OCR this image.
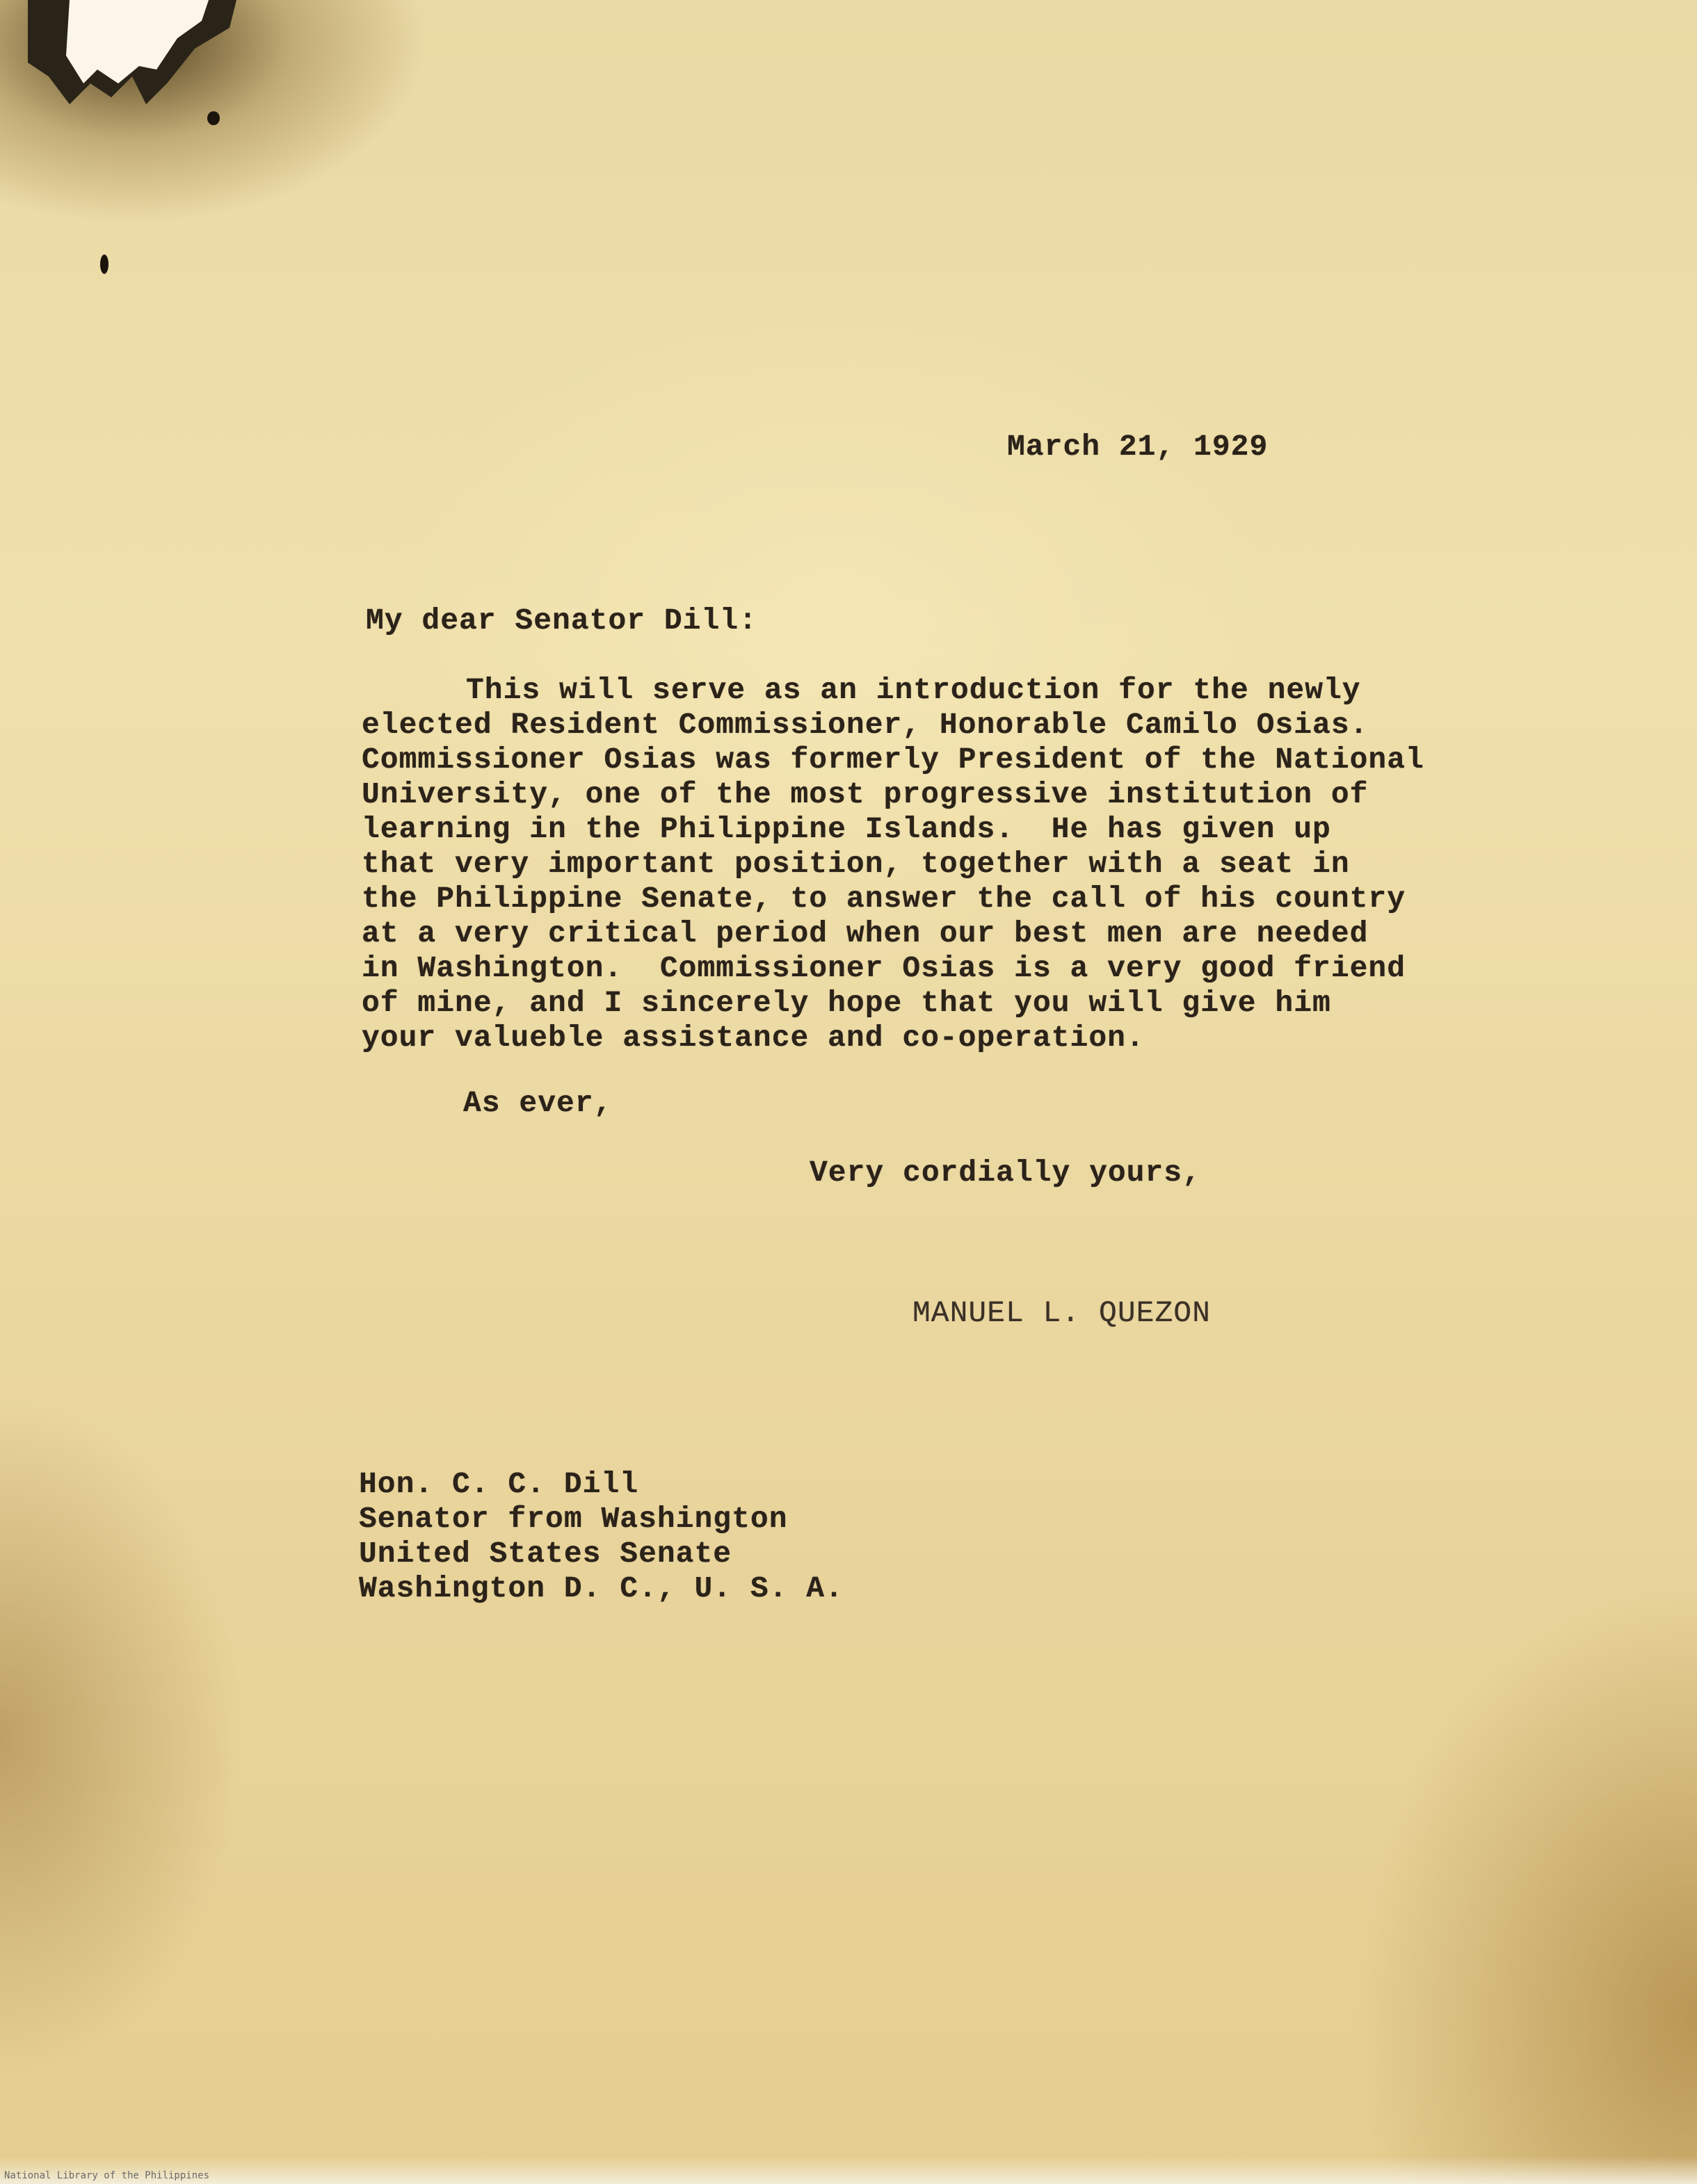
March 21, 1929
My dear Senator Dill:
This will serve as an introduction for the newly
elected Resident Commissioner, Honorable Camilo Osias.
Commissioner Osias was formerly President of the National
University, one of the most progressive institution of
learning in the Philippine Islands.  He has given up
that very important position, together with a seat in
the Philippine Senate, to answer the call of his country
at a very critical period when our best men are needed
in Washington.  Commissioner Osias is a very good friend
of mine, and I sincerely hope that you will give him
your valueble assistance and co-operation.
As ever,
Very cordially yours,
MANUEL L. QUEZON
Hon. C. C. Dill
Senator from Washington
United States Senate
Washington D. C., U. S. A.
National Library of the Philippines
